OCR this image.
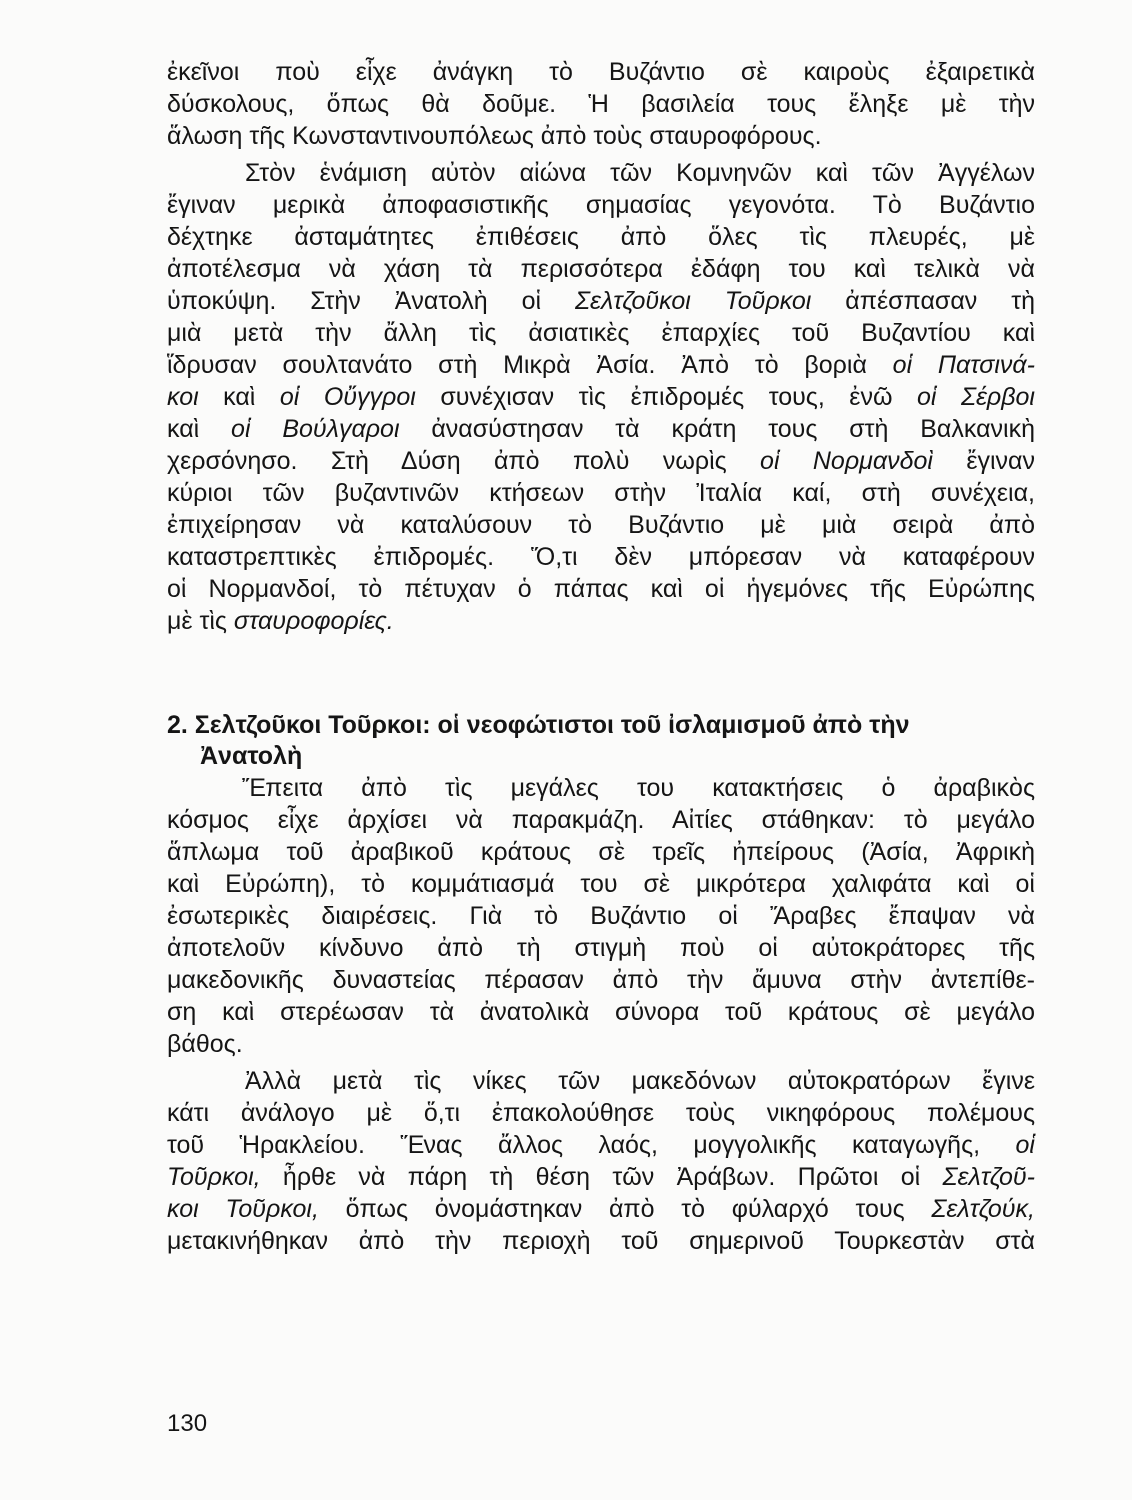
ἐκεῖνοι ποὺ εἶχε ἀνάγκη τὸ Βυζάντιο σὲ καιροὺς ἐξαιρετικὰ
δύσκολους, ὅπως θὰ δοῦμε. Ἡ βασιλεία τους ἔληξε μὲ τὴν
ἅλωση τῆς Κωνσταντινουπόλεως ἀπὸ τοὺς σταυροφόρους.
Στὸν ἑνάμιση αὐτὸν αἰώνα τῶν Κομνηνῶν καὶ τῶν Ἀγγέλων
ἔγιναν μερικὰ ἀποφασιστικῆς σημασίας γεγονότα. Τὸ Βυζάντιο
δέχτηκε ἀσταμάτητες ἐπιθέσεις ἀπὸ ὅλες τὶς πλευρές, μὲ
ἀποτέλεσμα νὰ χάση τὰ περισσότερα ἐδάφη του καὶ τελικὰ νὰ
ὑποκύψη. Στὴν Ἀνατολὴ οἱ Σελτζοῦκοι Τοῦρκοι ἀπέσπασαν τὴ
μιὰ μετὰ τὴν ἄλλη τὶς ἀσιατικὲς ἐπαρχίες τοῦ Βυζαντίου καὶ
ἵδρυσαν σουλτανάτο στὴ Μικρὰ Ἀσία. Ἀπὸ τὸ βοριὰ οἱ Πατσινά-
κοι καὶ οἱ Οὔγγροι συνέχισαν τὶς ἐπιδρομές τους, ἐνῶ οἱ Σέρβοι
καὶ οἱ Βούλγαροι ἀνασύστησαν τὰ κράτη τους στὴ Βαλκανικὴ
χερσόνησο. Στὴ Δύση ἀπὸ πολὺ νωρὶς οἱ Νορμανδοὶ ἔγιναν
κύριοι τῶν βυζαντινῶν κτήσεων στὴν Ἰταλία καί, στὴ συνέχεια,
ἐπιχείρησαν νὰ καταλύσουν τὸ Βυζάντιο μὲ μιὰ σειρὰ ἀπὸ
καταστρεπτικὲς ἐπιδρομές. Ὅ,τι δὲν μπόρεσαν νὰ καταφέρουν
οἱ Νορμανδοί, τὸ πέτυχαν ὁ πάπας καὶ οἱ ἡγεμόνες τῆς Εὐρώπης
μὲ τὶς σταυροφορίες.
2. Σελτζοῦκοι Τοῦρκοι: οἱ νεοφώτιστοι τοῦ ἰσλαμισμοῦ ἀπὸ τὴν
Ἀνατολὴ
Ἔπειτα ἀπὸ τὶς μεγάλες του κατακτήσεις ὁ ἀραβικὸς
κόσμος εἶχε ἀρχίσει νὰ παρακμάζη. Αἰτίες στάθηκαν: τὸ μεγάλο
ἅπλωμα τοῦ ἀραβικοῦ κράτους σὲ τρεῖς ἠπείρους (Ἀσία, Ἀφρικὴ
καὶ Εὐρώπη), τὸ κομμάτιασμά του σὲ μικρότερα χαλιφάτα καὶ οἱ
ἐσωτερικὲς διαιρέσεις. Γιὰ τὸ Βυζάντιο οἱ Ἄραβες ἔπαψαν νὰ
ἀποτελοῦν κίνδυνο ἀπὸ τὴ στιγμὴ ποὺ οἱ αὐτοκράτορες τῆς
μακεδονικῆς δυναστείας πέρασαν ἀπὸ τὴν ἄμυνα στὴν ἀντεπίθε-
ση καὶ στερέωσαν τὰ ἀνατολικὰ σύνορα τοῦ κράτους σὲ μεγάλο
βάθος.
Ἀλλὰ μετὰ τὶς νίκες τῶν μακεδόνων αὐτοκρατόρων ἔγινε
κάτι ἀνάλογο μὲ ὅ,τι ἐπακολούθησε τοὺς νικηφόρους πολέμους
τοῦ Ἡρακλείου. Ἕνας ἄλλος λαός, μογγολικῆς καταγωγῆς, οἱ
Τοῦρκοι, ἦρθε νὰ πάρη τὴ θέση τῶν Ἀράβων. Πρῶτοι οἱ Σελτζοῦ-
κοι Τοῦρκοι, ὅπως ὀνομάστηκαν ἀπὸ τὸ φύλαρχό τους Σελτζούκ,
μετακινήθηκαν ἀπὸ τὴν περιοχὴ τοῦ σημερινοῦ Τουρκεστὰν στὰ
130
